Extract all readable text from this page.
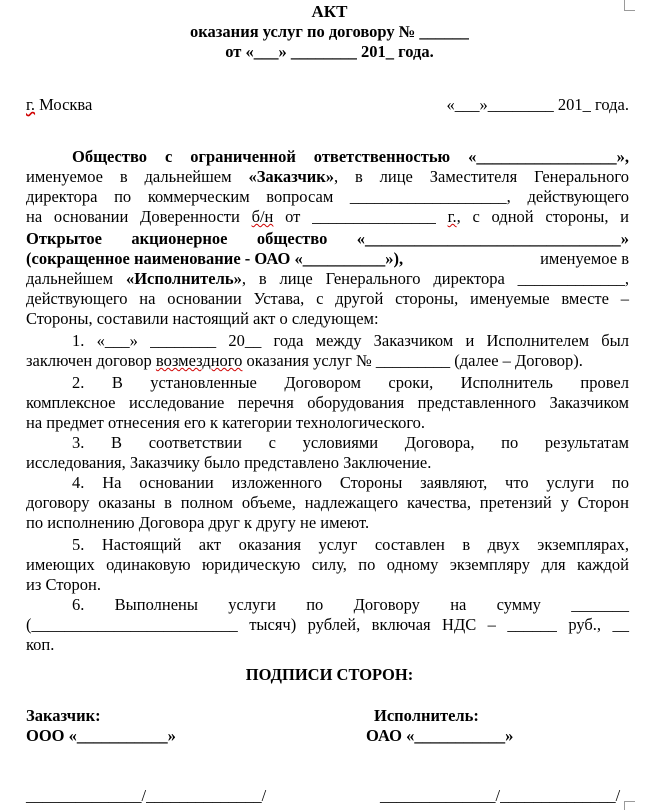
АКТ
оказания услуг по договору № ______
от «___» ________ 201_ года.
г. Москва	«___»________ 201_ года.
Общество с ограниченной ответственностью «_________________»,
именуемое в дальнейшем «Заказчик», в лице Заместителя Генерального
директора по коммерческим вопросам ___________________, действующего
на основании Доверенности б/н от _______________ г., с одной стороны, и
Открытое акционерное общество «_______________________________»
(сокращенное наименование - ОАО «__________»),	именуемое в
дальнейшем «Исполнитель», в лице Генерального директора _____________,
действующего на основании Устава, с другой стороны, именуемые вместе –
Стороны, составили настоящий акт о следующем:
1. «___» ________ 20__ года между Заказчиком и Исполнителем был
заключен договор возмездного оказания услуг № _________ (далее – Договор).
2. В установленные Договором сроки, Исполнитель провел
комплексное исследование перечня оборудования представленного Заказчиком
на предмет отнесения его к категории технологического.
3. В соответствии с условиями Договора, по результатам
исследования, Заказчику было представлено Заключение.
4. На основании изложенного Стороны заявляют, что услуги по
договору оказаны в полном объеме, надлежащего качества, претензий у Сторон
по исполнению Договора друг к другу не имеют.
5. Настоящий акт оказания услуг составлен в двух экземплярах,
имеющих одинаковую юридическую силу, по одному экземпляру для каждой
из Сторон.
6. Выполнены услуги по Договору на сумму _______
(_________________________ тысяч) рублей, включая НДС – ______ руб., __
коп.
ПОДПИСИ СТОРОН:
Заказчик:
ООО «___________»
Исполнитель:
ОАО «___________»
______________/______________/	______________/______________/
